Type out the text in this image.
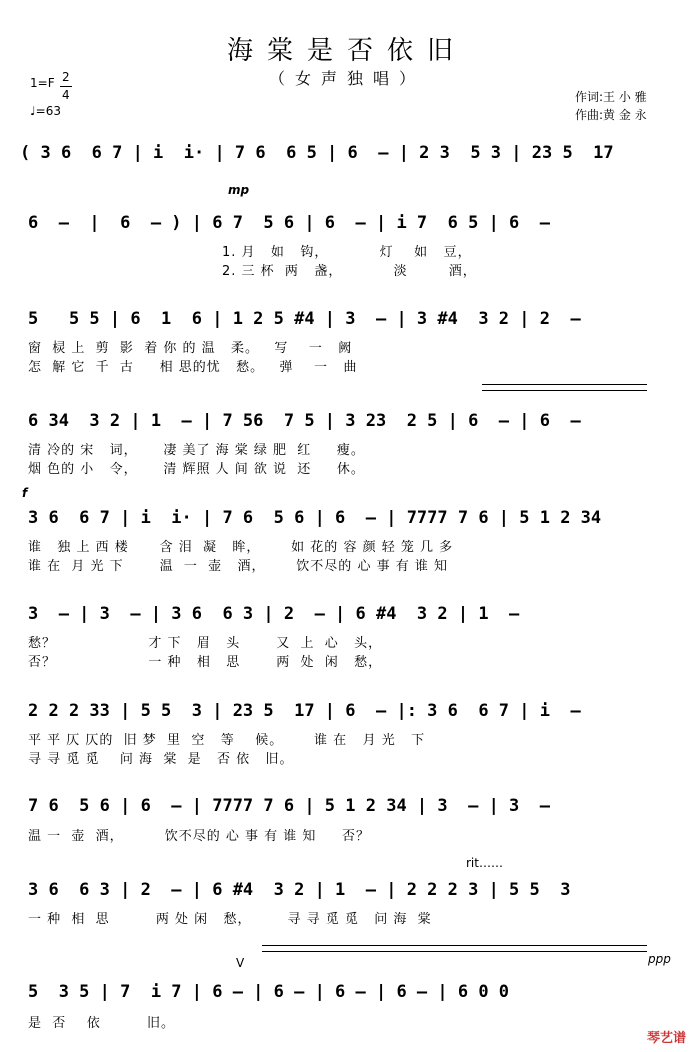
海棠是否依旧
（女声独唱）
1=F 2
4
♩=63
作词:王 小 雅
作曲:黄 金 永
( 3 6  6 7 | i  i· | 7 6  6 5 | 6  — | 2 3  5 3 | 23 5  17
mp
6  —  |  6  — ) | 6 7  5 6 | 6  — | i 7  6 5 | 6  —
1. 月   如   钩，          灯    如   豆，
2. 三 杯  两   盏，          淡        酒，
5   5 5 | 6  1  6 | 1 2 5 #4 | 3  — | 3 #4  3 2 | 2  —
窗  棂 上  剪  影  着 你 的 温   柔。   写    一   阙
怎  解 它  千  古     相 思的忧   愁。   弹    一   曲
6 34  3 2 | 1  — | 7 56  7 5 | 3 23  2 5 | 6  — | 6  —
清 冷的 宋   词，     凄 美了 海 棠 绿 肥  红     瘦。
烟 色的 小   令，     清 辉照 人 间 欲 说  还     休。
f
3 6  6 7 | i  i· | 7 6  5 6 | 6  — | 7777 7 6 | 5 1 2 34
谁   独 上 西 楼      含 泪  凝   眸，      如 花的 容 颜 轻 笼 几 多
谁 在  月 光 下       温  一  壶   酒，      饮不尽的 心 事 有 谁 知
3  — | 3  — | 3 6  6 3 | 2  — | 6 #4  3 2 | 1  —
愁？                  才 下   眉   头       又  上  心   头，
否？                  一 种   相   思       两  处  闲   愁，
2 2 2 33 | 5 5  3 | 23 5  17 | 6  — |: 3 6  6 7 | i  —
平 平 仄 仄的  旧 梦  里  空   等    候。      谁 在   月 光   下
寻 寻 觅 觅    问 海  棠  是   否 依   旧。
7 6  5 6 | 6  — | 7777 7 6 | 5 1 2 34 | 3  — | 3  —
温 一  壶  酒，        饮不尽的 心 事 有 谁 知     否？
rit……
3 6  6 3 | 2  — | 6 #4  3 2 | 1  — | 2 2 2 3 | 5 5  3
一 种  相  思         两 处 闲   愁，       寻 寻 觅 觅   问 海  棠
ppp
V
5  3 5 | 7  i 7 | 6 — | 6 — | 6 — | 6 — | 6 0 0
是  否    依         旧。
琴艺谱
